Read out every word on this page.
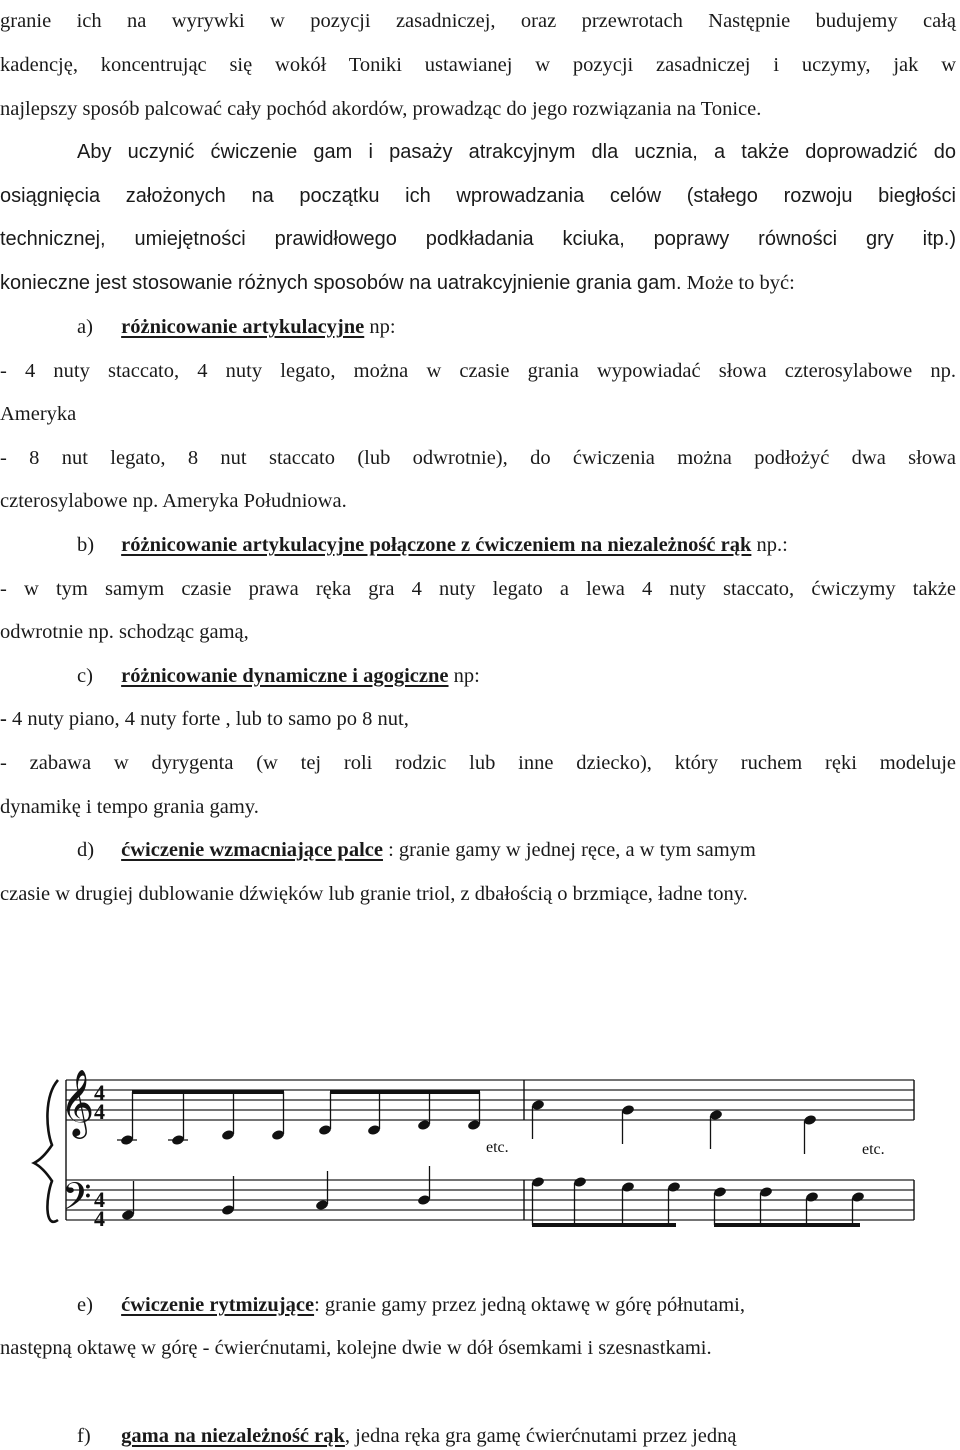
granie ich na wyrywki w pozycji zasadniczej, oraz przewrotach Następnie budujemy całą
kadencję, koncentrując się wokół Toniki ustawianej w pozycji zasadniczej i uczymy, jak w
najlepszy sposób palcować cały pochód akordów, prowadząc do jego rozwiązania na Tonice.
Aby uczynić ćwiczenie gam i pasaży atrakcyjnym dla ucznia, a także doprowadzić do
osiągnięcia założonych na początku ich wprowadzania celów (stałego rozwoju biegłości
technicznej, umiejętności prawidłowego podkładania kciuka, poprawy równości gry itp.)
konieczne jest stosowanie różnych sposobów na uatrakcyjnienie grania gam. Może to być:
a) różnicowanie artykulacyjne np:
- 4 nuty staccato, 4 nuty legato, można w czasie grania wypowiadać słowa czterosylabowe np.
Ameryka
- 8 nut legato, 8 nut staccato (lub odwrotnie), do ćwiczenia można podłożyć dwa słowa
czterosylabowe np. Ameryka Południowa.
b) różnicowanie artykulacyjne połączone z ćwiczeniem na niezależność rąk np.:
- w tym samym czasie prawa ręka gra 4 nuty legato a lewa 4 nuty staccato, ćwiczymy także
odwrotnie np. schodząc gamą,
c) różnicowanie dynamiczne i agogiczne np:
- 4 nuty piano, 4 nuty forte , lub to samo po 8 nut,
- zabawa w dyrygenta (w tej roli rodzic lub inne dziecko), który ruchem ręki modeluje
dynamikę i tempo grania gamy.
d) ćwiczenie wzmacniające palce : granie gamy w jednej ręce, a w tym samym
czasie w drugiej dublowanie dźwięków lub granie triol, z dbałością o brzmiące, ładne tony.
𝄞
𝄢
4
4
4
4
etc.	etc.
e) ćwiczenie rytmizujące: granie gamy przez jedną oktawę w górę półnutami,
następną oktawę w górę - ćwierćnutami, kolejne dwie w dół ósemkami i szesnastkami.
f) gama na niezależność rąk, jedna ręka gra gamę ćwierćnutami przez jedną
